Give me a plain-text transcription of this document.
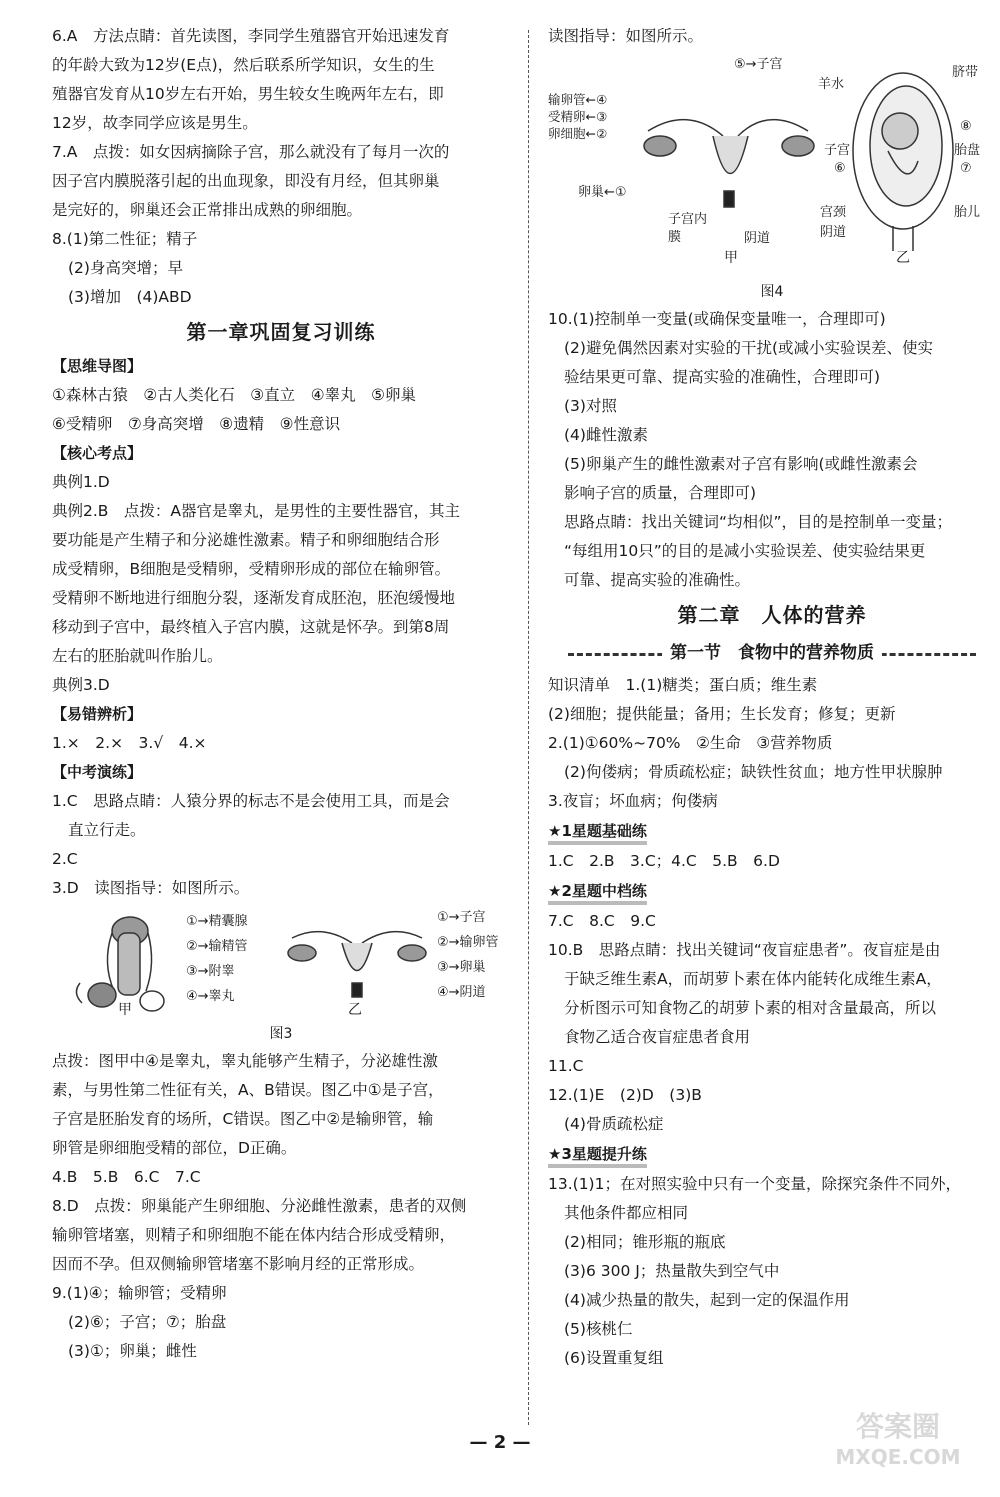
6.A　方法点睛：首先读图，李同学生殖器官开始迅速发育
的年龄大致为12岁(E点)，然后联系所学知识，女生的生
殖器官发育从10岁左右开始，男生较女生晚两年左右，即
12岁，故李同学应该是男生。
7.A　点拨：如女因病摘除子宫，那么就没有了每月一次的
因子宫内膜脱落引起的出血现象，即没有月经，但其卵巢
是完好的，卵巢还会正常排出成熟的卵细胞。
8.(1)第二性征；精子
(2)身高突增；早
(3)增加　(4)ABD
第一章巩固复习训练
【思维导图】
①森林古猿　②古人类化石　③直立　④睾丸　⑤卵巢
⑥受精卵　⑦身高突增　⑧遗精　⑨性意识
【核心考点】
典例1.D
典例2.B　点拨：A器官是睾丸，是男性的主要性器官，其主
要功能是产生精子和分泌雄性激素。精子和卵细胞结合形
成受精卵，B细胞是受精卵，受精卵形成的部位在输卵管。
受精卵不断地进行细胞分裂，逐渐发育成胚泡，胚泡缓慢地
移动到子宫中，最终植入子宫内膜，这就是怀孕。到第8周
左右的胚胎就叫作胎儿。
典例3.D
【易错辨析】
1.×　2.×　3.√　4.×
【中考演练】
1.C　思路点睛：人猿分界的标志不是会使用工具，而是会
直立行走。
2.C
3.D　读图指导：如图所示。
①→精囊腺
②→输精管
③→附睾
④→睾丸
①→子宫
②→输卵管
③→卵巢
④→阴道
甲	乙
图3
点拨：图甲中④是睾丸，睾丸能够产生精子，分泌雄性激
素，与男性第二性征有关，A、B错误。图乙中①是子宫，
子宫是胚胎发育的场所，C错误。图乙中②是输卵管，输
卵管是卵细胞受精的部位，D正确。
4.B　5.B　6.C　7.C
8.D　点拨：卵巢能产生卵细胞、分泌雌性激素，患者的双侧
输卵管堵塞，则精子和卵细胞不能在体内结合形成受精卵，
因而不孕。但双侧输卵管堵塞不影响月经的正常形成。
9.(1)④；输卵管；受精卵
(2)⑥；子宫；⑦；胎盘
(3)①；卵巢；雌性
读图指导：如图所示。
⑤→子宫
输卵管←④
受精卵←③
卵细胞←②
卵巢←①
子宫内膜	阴道
羊水
脐带
⑧
胎盘
子宫
⑥	⑦
宫颈
阴道
胎儿
甲	乙
图4
10.(1)控制单一变量(或确保变量唯一，合理即可)
(2)避免偶然因素对实验的干扰(或减小实验误差、使实
验结果更可靠、提高实验的准确性，合理即可)
(3)对照
(4)雌性激素
(5)卵巢产生的雌性激素对子宫有影响(或雌性激素会
影响子宫的质量，合理即可)
思路点睛：找出关键词“均相似”，目的是控制单一变量；
“每组用10只”的目的是减小实验误差、使实验结果更
可靠、提高实验的准确性。
第二章　人体的营养
第一节　食物中的营养物质
知识清单　1.(1)糖类；蛋白质；维生素
(2)细胞；提供能量；备用；生长发育；修复；更新
2.(1)①60%~70%　②生命　③营养物质
(2)佝偻病；骨质疏松症；缺铁性贫血；地方性甲状腺肿
3.夜盲；坏血病；佝偻病
★1星题基础练
1.C　2.B　3.C；4.C　5.B　6.D
★2星题中档练
7.C　8.C　9.C
10.B　思路点睛：找出关键词“夜盲症患者”。夜盲症是由
于缺乏维生素A，而胡萝卜素在体内能转化成维生素A，
分析图示可知食物乙的胡萝卜素的相对含量最高，所以
食物乙适合夜盲症患者食用
11.C
12.(1)E　(2)D　(3)B
(4)骨质疏松症
★3星题提升练
13.(1)1；在对照实验中只有一个变量，除探究条件不同外，
其他条件都应相同
(2)相同；锥形瓶的瓶底
(3)6 300 J；热量散失到空气中
(4)减少热量的散失，起到一定的保温作用
(5)核桃仁
(6)设置重复组
— 2 —	答案圈
MXQE.COM
